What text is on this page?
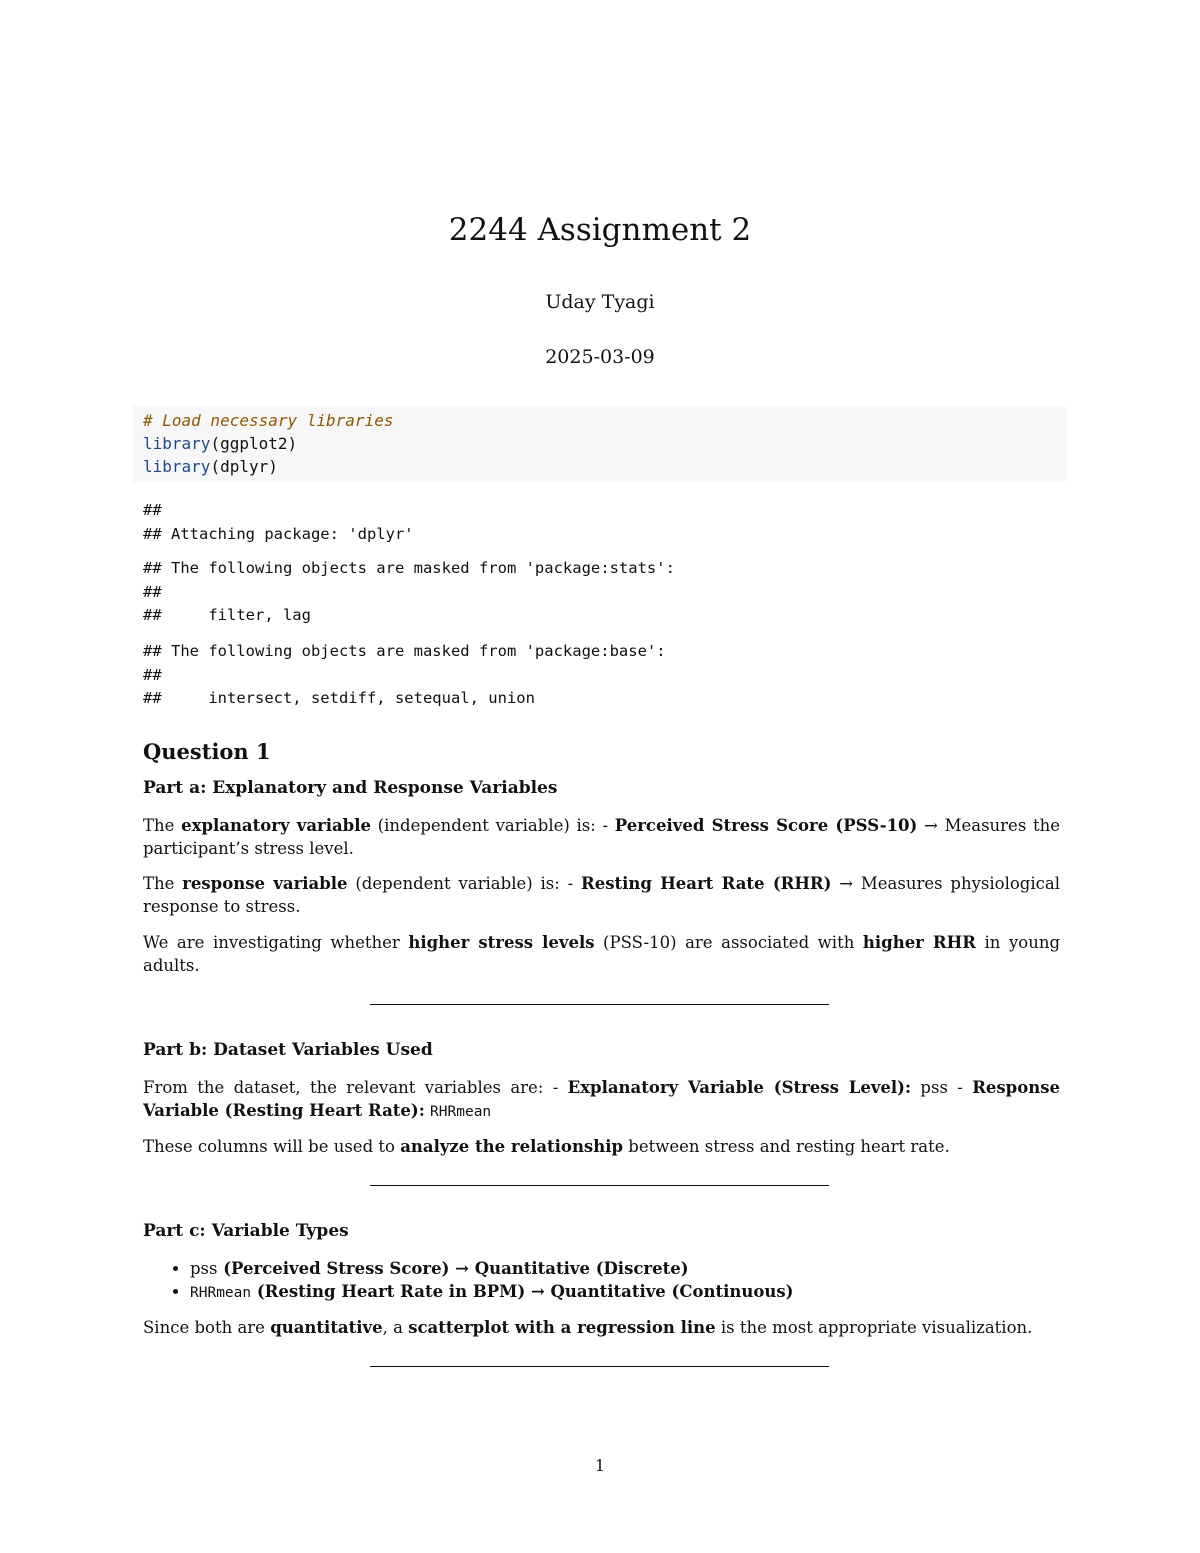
2244 Assignment 2
Uday Tyagi
2025-03-09
# Load necessary libraries
library(ggplot2)
library(dplyr)
##
## Attaching package: 'dplyr'
## The following objects are masked from 'package:stats':
##
##     filter, lag
## The following objects are masked from 'package:base':
##
##     intersect, setdiff, setequal, union
Question 1
Part a: Explanatory and Response Variables
The explanatory variable (independent variable) is: - Perceived Stress Score (PSS-10) → Measures the participant’s stress level.
The response variable (dependent variable) is: - Resting Heart Rate (RHR) → Measures physiological response to stress.
We are investigating whether higher stress levels (PSS-10) are associated with higher RHR in young adults.
Part b: Dataset Variables Used
From the dataset, the relevant variables are: - Explanatory Variable (Stress Level): pss - Response Variable (Resting Heart Rate): RHRmean
These columns will be used to analyze the relationship between stress and resting heart rate.
Part c: Variable Types
• pss (Perceived Stress Score) → Quantitative (Discrete)
• RHRmean (Resting Heart Rate in BPM) → Quantitative (Continuous)
Since both are quantitative, a scatterplot with a regression line is the most appropriate visualization.
1
